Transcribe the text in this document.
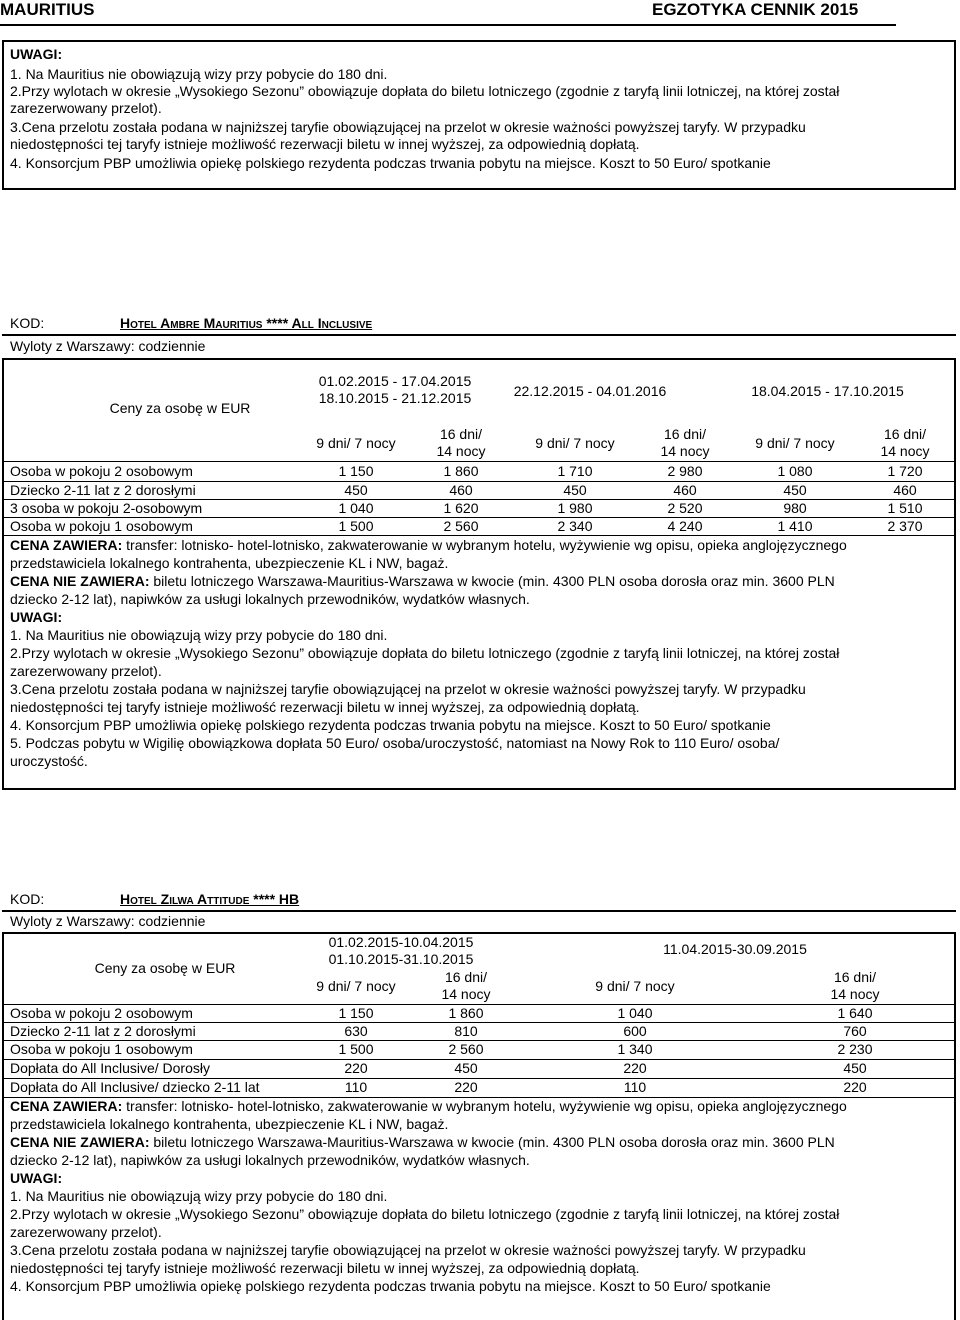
MAURITIUS	EGZOTYKA CENNIK 2015
UWAGI:
1. Na Mauritius nie obowiązują wizy przy pobycie do 180 dni.
2.Przy wylotach w okresie „Wysokiego Sezonu” obowiązuje dopłata do biletu lotniczego (zgodnie z taryfą linii lotniczej, na której został
zarezerwowany przelot).
3.Cena przelotu została podana w najniższej taryfie obowiązującej na przelot w okresie ważności powyższej taryfy. W przypadku
niedostępności tej taryfy istnieje możliwość rezerwacji biletu w innej wyższej, za odpowiednią dopłatą.
4. Konsorcjum PBP umożliwia opiekę polskiego rezydenta podczas trwania pobytu na miejsce. Koszt to 50 Euro/ spotkanie
KOD:	Hotel Ambre Mauritius **** All Inclusive
Wyloty z Warszawy: codziennie
Ceny za osobę w EUR
01.02.2015 - 17.04.2015
18.10.2015 - 21.12.2015	22.12.2015 - 04.01.2016	18.04.2015 - 17.10.2015
9 dni/ 7 nocy
16 dni/
14 nocy	9 dni/ 7 nocy
16 dni/
14 nocy	9 dni/ 7 nocy
16 dni/
14 nocy
Osoba w pokoju 2 osobowym	1 150	1 860	1 710	2 980	1 080	1 720
Dziecko 2-11 lat z 2 dorosłymi	450	460	450	460	450	460
3 osoba w pokoju 2-osobowym	1 040	1 620	1 980	2 520	980	1 510
Osoba w pokoju 1 osobowym	1 500	2 560	2 340	4 240	1 410	2 370
CENA ZAWIERA: transfer: lotnisko- hotel-lotnisko, zakwaterowanie w wybranym hotelu, wyżywienie wg opisu, opieka anglojęzycznego
przedstawiciela lokalnego kontrahenta, ubezpieczenie KL i NW, bagaż.
CENA NIE ZAWIERA: biletu lotniczego Warszawa-Mauritius-Warszawa w kwocie (min. 4300 PLN osoba dorosła oraz min. 3600 PLN
dziecko 2-12 lat), napiwków za usługi lokalnych przewodników, wydatków własnych.
UWAGI:
1. Na Mauritius nie obowiązują wizy przy pobycie do 180 dni.
2.Przy wylotach w okresie „Wysokiego Sezonu” obowiązuje dopłata do biletu lotniczego (zgodnie z taryfą linii lotniczej, na której został
zarezerwowany przelot).
3.Cena przelotu została podana w najniższej taryfie obowiązującej na przelot w okresie ważności powyższej taryfy. W przypadku
niedostępności tej taryfy istnieje możliwość rezerwacji biletu w innej wyższej, za odpowiednią dopłatą.
4. Konsorcjum PBP umożliwia opiekę polskiego rezydenta podczas trwania pobytu na miejsce. Koszt to 50 Euro/ spotkanie
5. Podczas pobytu w Wigilię obowiązkowa dopłata 50 Euro/ osoba/uroczystość, natomiast na Nowy Rok to 110 Euro/ osoba/
uroczystość.
KOD:	Hotel Zilwa Attitude **** HB
Wyloty z Warszawy: codziennie
Ceny za osobę w EUR
01.02.2015-10.04.2015
01.10.2015-31.10.2015
11.04.2015-30.09.2015
9 dni/ 7 nocy
16 dni/
14 nocy	9 dni/ 7 nocy
16 dni/
14 nocy
Osoba w pokoju 2 osobowym	1 150	1 860	1 040	1 640
Dziecko 2-11 lat z 2 dorosłymi	630	810	600	760
Osoba w pokoju 1 osobowym	1 500	2 560	1 340	2 230
Dopłata do All Inclusive/ Dorosły	220	450	220	450
Dopłata do All Inclusive/ dziecko 2-11 lat	110	220	110	220
CENA ZAWIERA: transfer: lotnisko- hotel-lotnisko, zakwaterowanie w wybranym hotelu, wyżywienie wg opisu, opieka anglojęzycznego
przedstawiciela lokalnego kontrahenta, ubezpieczenie KL i NW, bagaż.
CENA NIE ZAWIERA: biletu lotniczego Warszawa-Mauritius-Warszawa w kwocie (min. 4300 PLN osoba dorosła oraz min. 3600 PLN
dziecko 2-12 lat), napiwków za usługi lokalnych przewodników, wydatków własnych.
UWAGI:
1. Na Mauritius nie obowiązują wizy przy pobycie do 180 dni.
2.Przy wylotach w okresie „Wysokiego Sezonu” obowiązuje dopłata do biletu lotniczego (zgodnie z taryfą linii lotniczej, na której został
zarezerwowany przelot).
3.Cena przelotu została podana w najniższej taryfie obowiązującej na przelot w okresie ważności powyższej taryfy. W przypadku
niedostępności tej taryfy istnieje możliwość rezerwacji biletu w innej wyższej, za odpowiednią dopłatą.
4. Konsorcjum PBP umożliwia opiekę polskiego rezydenta podczas trwania pobytu na miejsce. Koszt to 50 Euro/ spotkanie
